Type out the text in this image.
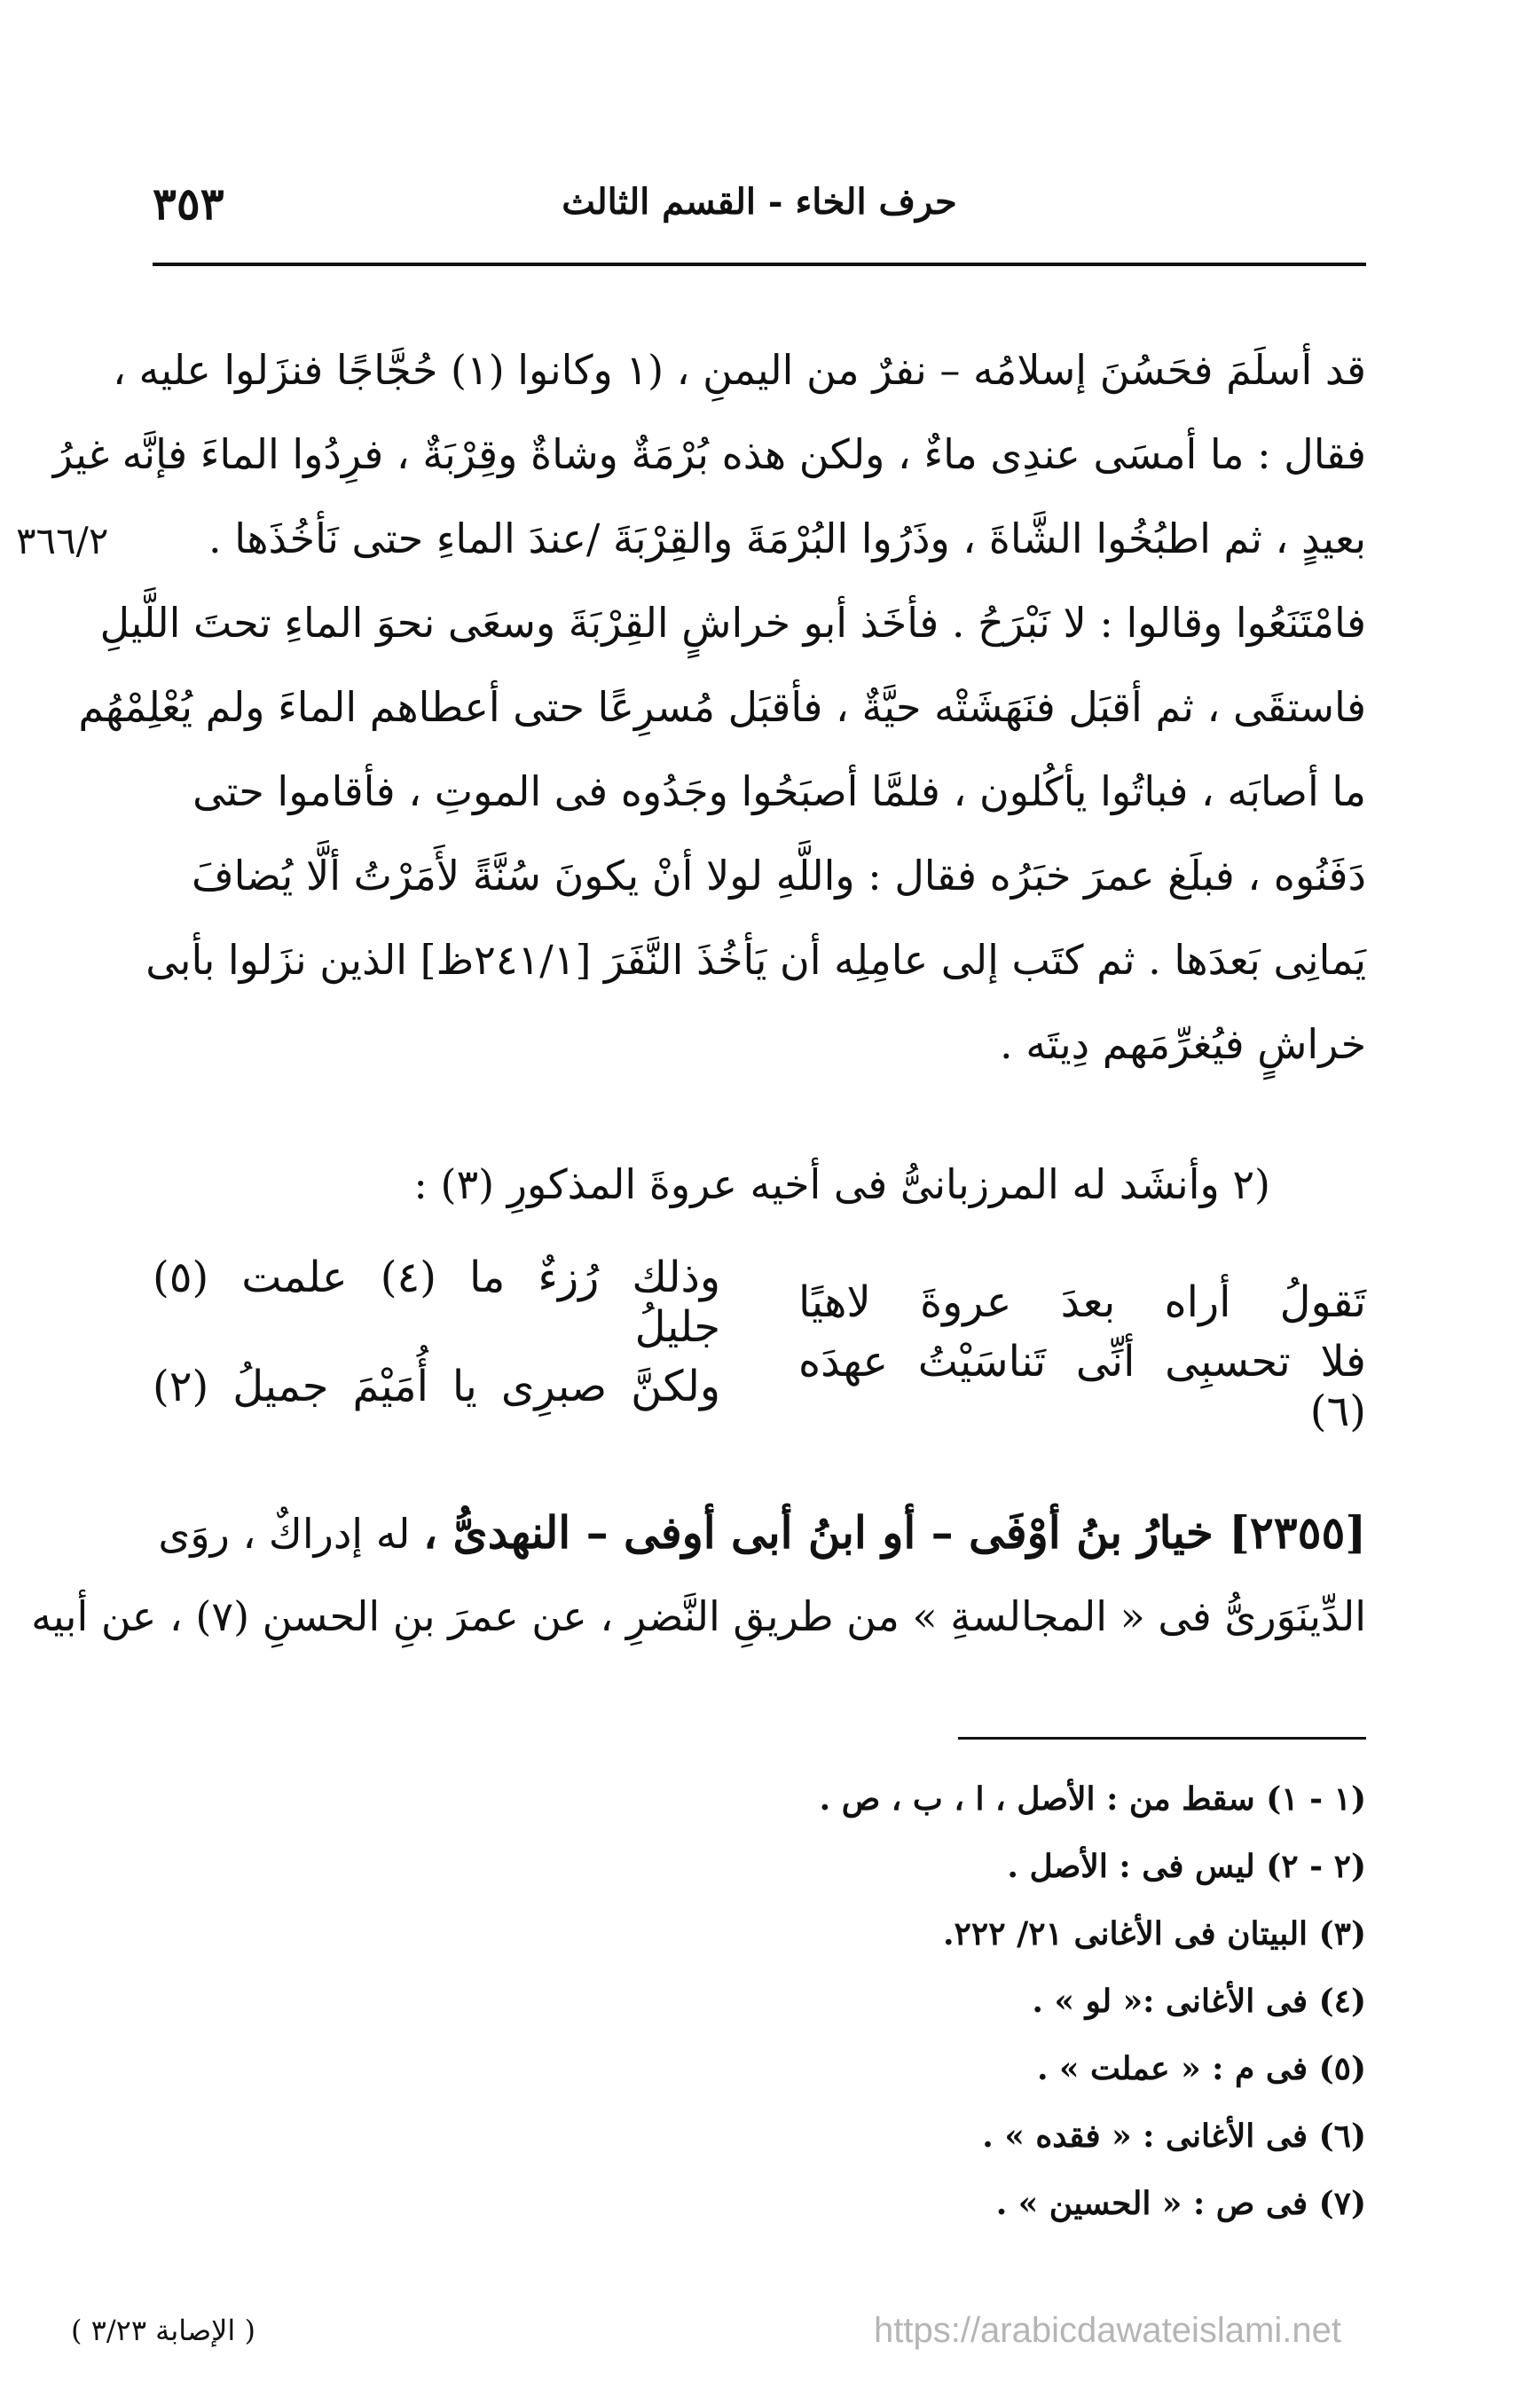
٣٥٣	حرف الخاء - القسم الثالث
٣٦٦/٢
قد أسلَمَ فحَسُنَ إسلامُه – نفرٌ من اليمنِ ، (١ وكانوا (١) حُجَّاجًا فنزَلوا عليه ،
فقال : ما أمسَى عندِى ماءٌ ، ولكن هذه بُرْمَةٌ وشاةٌ وقِرْبَةٌ ، فرِدُوا الماءَ فإنَّه غيرُ
بعيدٍ ، ثم اطبُخُوا الشَّاةَ ، وذَرُوا البُرْمَةَ والقِرْبَةَ /عندَ الماءِ حتى نَأخُذَها .
فامْتَنَعُوا وقالوا : لا نَبْرَحُ . فأخَذ أبو خراشٍ القِرْبَةَ وسعَى نحوَ الماءِ تحتَ اللَّيلِ
فاستقَى ، ثم أقبَل فنَهَشَتْه حيَّةٌ ، فأقبَل مُسرِعًا حتى أعطاهم الماءَ ولم يُعْلِمْهُم
ما أصابَه ، فباتُوا يأكُلون ، فلمَّا أصبَحُوا وجَدُوه فى الموتِ ، فأقاموا حتى
دَفَنُوه ، فبلَغ عمرَ خبَرُه فقال : واللَّهِ لولا أنْ يكونَ سُنَّةً لأَمَرْتُ ألَّا يُضافَ
يَمانِى بَعدَها . ثم كتَب إلى عامِلِه أن يَأخُذَ النَّفَرَ [٢٤١/١ظ] الذين نزَلوا بأبى
خراشٍ فيُغرِّمَهم دِيتَه .
(٢ وأنشَد له المرزبانىُّ فى أخيه عروةَ المذكورِ (٣) :
تَقولُ أراه بعدَ عروةَ لاهيًا
وذلك رُزءٌ ما (٤) علمت (٥) جليلُ
فلا تحسبِى أنِّى تَناسَيْتُ عهدَه (٦)
ولكنَّ صبرِى يا أُمَيْمَ جميلُ (٢)
[٢٣٥٥] خيارُ بنُ أوْفَى – أو ابنُ أبى أوفى – النهدىُّ ، له إدراكٌ ، روَى
الدِّينَوَرىُّ فى « المجالسةِ » من طريقِ النَّضرِ ، عن عمرَ بنِ الحسنِ (٧) ، عن أبيه
(١ - ١) سقط من : الأصل ، ا ، ب ، ص .
(٢ - ٢) ليس فى : الأصل .
(٣) البيتان فى الأغانى ٢١/ ٢٢٢.
(٤) فى الأغانى :« لو » .
(٥) فى م : « عملت » .
(٦) فى الأغانى : « فقده » .
(٧) فى ص : « الحسين » .
https://arabicdawateislami.net
( الإصابة ٣/٢٣ )
